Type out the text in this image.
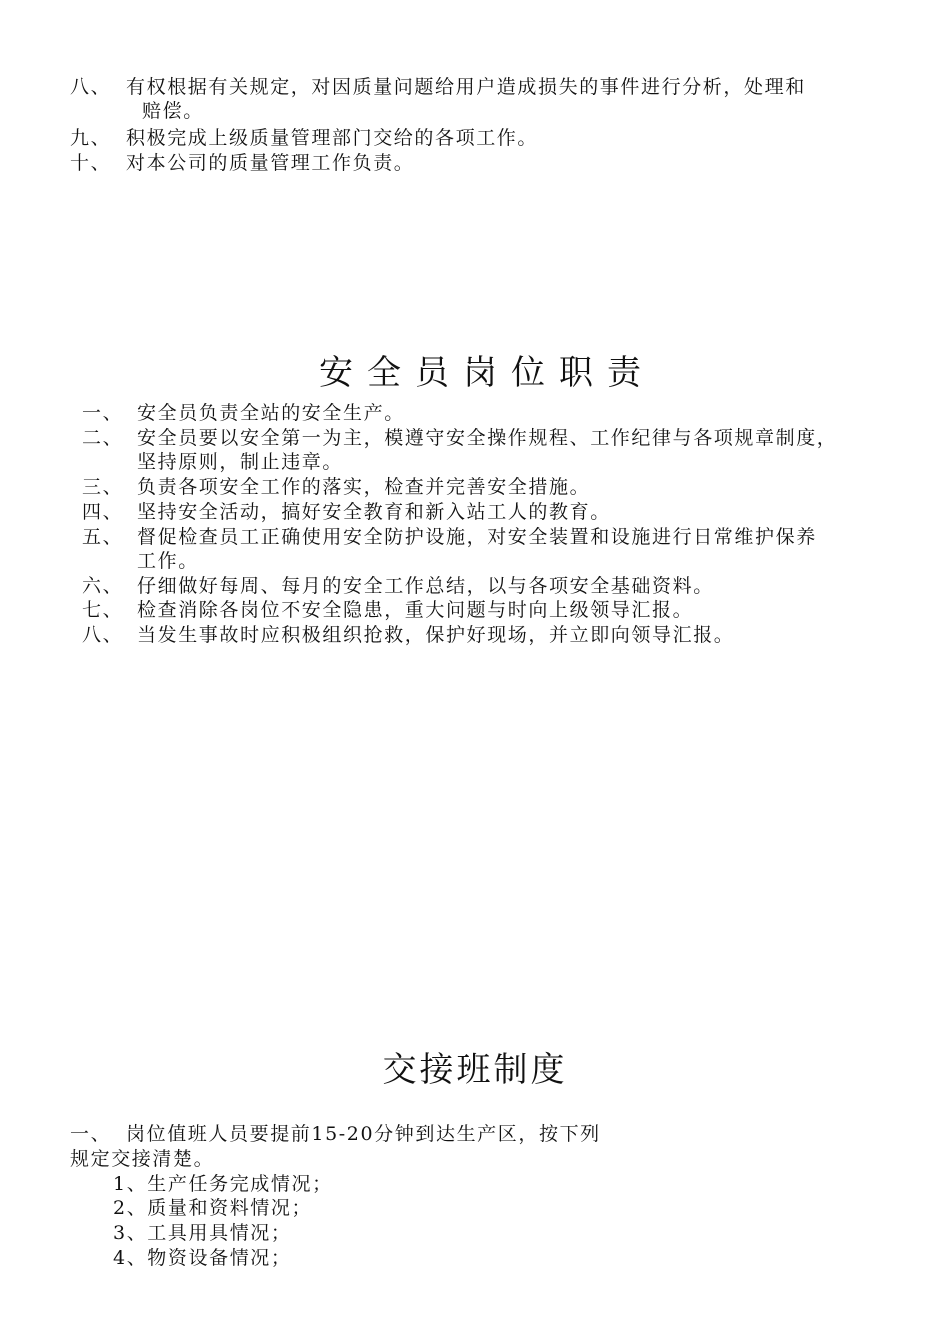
八、 有权根据有关规定，对因质量问题给用户造成损失的事件进行分析，处理和
赔偿。
九、 积极完成上级质量管理部门交给的各项工作。
十、 对本公司的质量管理工作负责。
安全员岗位职责
一、 安全员负责全站的安全生产。
二、 安全员要以安全第一为主，模遵守安全操作规程、工作纪律与各项规章制度，
坚持原则，制止违章。
三、 负责各项安全工作的落实，检查并完善安全措施。
四、 坚持安全活动，搞好安全教育和新入站工人的教育。
五、 督促检查员工正确使用安全防护设施，对安全装置和设施进行日常维护保养
工作。
六、 仔细做好每周、每月的安全工作总结，以与各项安全基础资料。
七、 检查消除各岗位不安全隐患，重大问题与时向上级领导汇报。
八、 当发生事故时应积极组织抢救，保护好现场，并立即向领导汇报。
交接班制度
一、 岗位值班人员要提前15-20分钟到达生产区，按下列
规定交接清楚。
1、生产任务完成情况；
2、质量和资料情况；
3、工具用具情况；
4、物资设备情况；
